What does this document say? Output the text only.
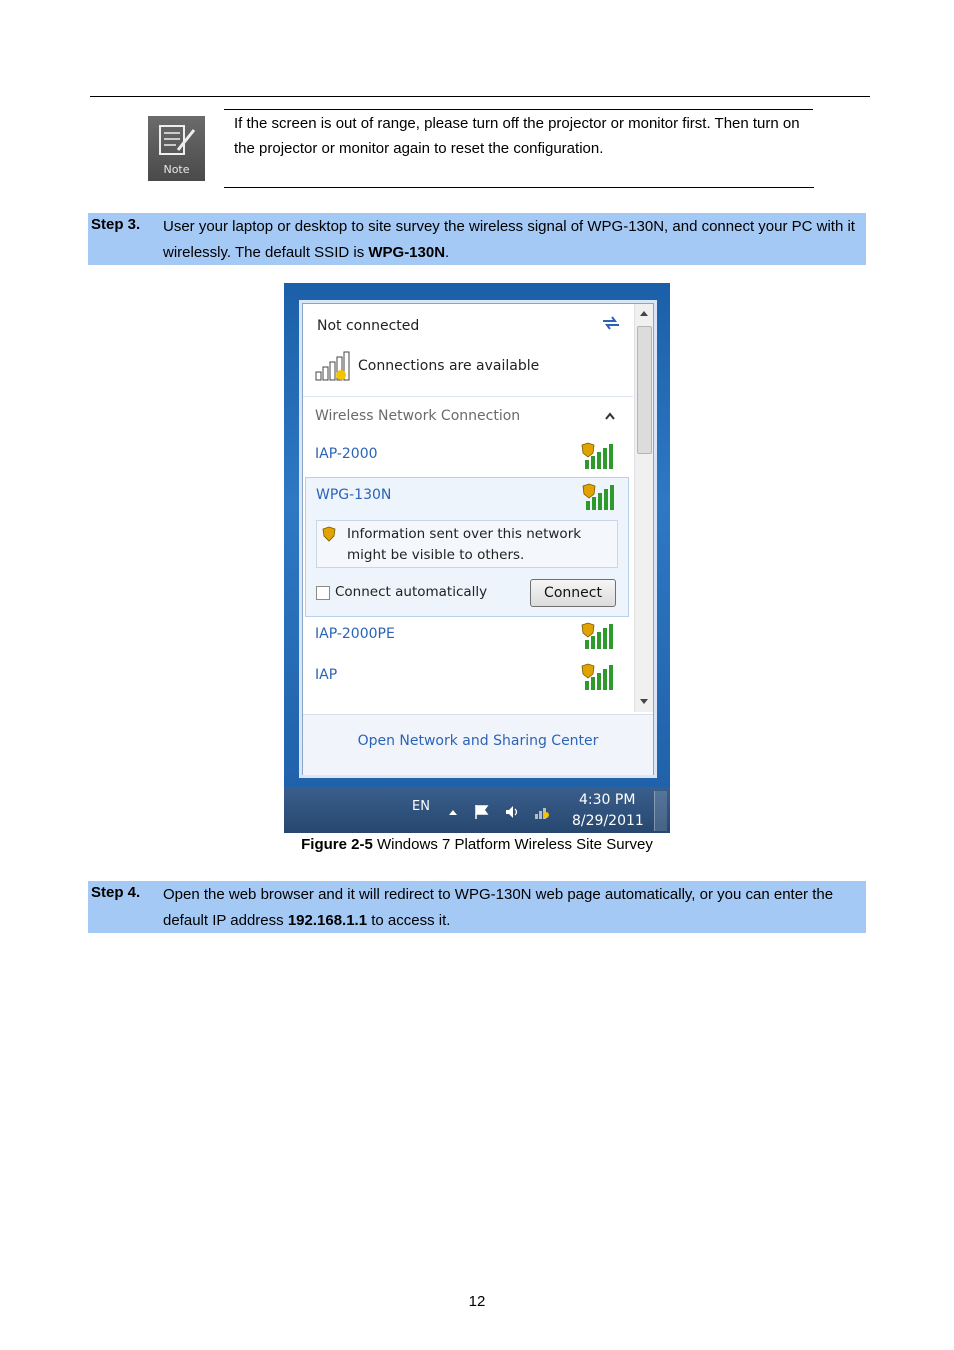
Note
If the screen is out of range, please turn off the projector or monitor first. Then turn on the projector or monitor again to reset the configuration.
Step 3. User your laptop or desktop to site survey the wireless signal of WPG-130N, and connect your PC with it wirelessly. The default SSID is WPG-130N.
Not connected
Connections are available
Wireless Network Connection
IAP-2000
WPG-130N
Information sent over this network
might be visible to others.
Connect automatically	Connect
IAP-2000PE
IAP
Open Network and Sharing Center
EN	4:30 PM
8/29/2011
Figure 2-5 Windows 7 Platform Wireless Site Survey
Step 4. Open the web browser and it will redirect to WPG-130N web page automatically, or you can enter the default IP address 192.168.1.1 to access it.
12
